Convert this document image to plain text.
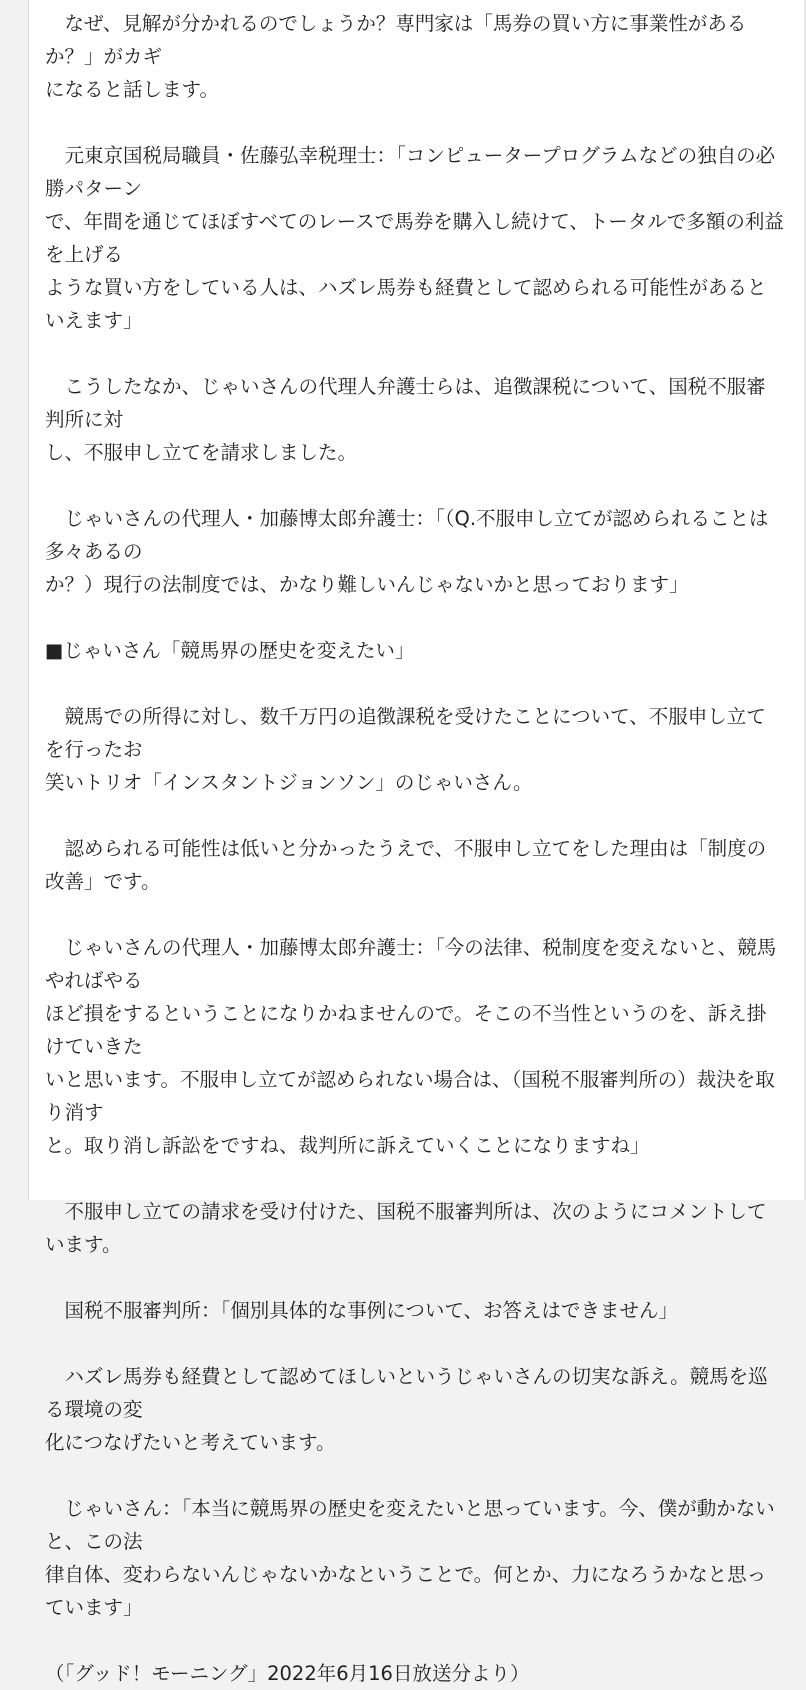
　なぜ、見解が分かれるのでしょうか？専門家は「馬券の買い方に事業性があるか？」がカギ
になると話します。

　元東京国税局職員・佐藤弘幸税理士：「コンピュータープログラムなどの独自の必勝パターン
で、年間を通じてほぼすべてのレースで馬券を購入し続けて、トータルで多額の利益を上げる
ような買い方をしている人は、ハズレ馬券も経費として認められる可能性があるといえます」

　こうしたなか、じゃいさんの代理人弁護士らは、追徴課税について、国税不服審判所に対
し、不服申し立てを請求しました。

　じゃいさんの代理人・加藤博太郎弁護士：「（Q.不服申し立てが認められることは多々あるの
か？）現行の法制度では、かなり難しいんじゃないかと思っております」

■じゃいさん「競馬界の歴史を変えたい」

　競馬での所得に対し、数千万円の追徴課税を受けたことについて、不服申し立てを行ったお
笑いトリオ「インスタントジョンソン」のじゃいさん。

　認められる可能性は低いと分かったうえで、不服申し立てをした理由は「制度の改善」です。

　じゃいさんの代理人・加藤博太郎弁護士：「今の法律、税制度を変えないと、競馬やればやる
ほど損をするということになりかねませんので。そこの不当性というのを、訴え掛けていきた
いと思います。不服申し立てが認められない場合は、（国税不服審判所の）裁決を取り消す
と。取り消し訴訟をですね、裁判所に訴えていくことになりますね」

　不服申し立ての請求を受け付けた、国税不服審判所は、次のようにコメントしています。

　国税不服審判所：「個別具体的な事例について、お答えはできません」

　ハズレ馬券も経費として認めてほしいというじゃいさんの切実な訴え。競馬を巡る環境の変
化につなげたいと考えています。

　じゃいさん：「本当に競馬界の歴史を変えたいと思っています。今、僕が動かないと、この法
律自体、変わらないんじゃないかなということで。何とか、力になろうかなと思っています」

（「グッド！モーニング」2022年6月16日放送分より）
